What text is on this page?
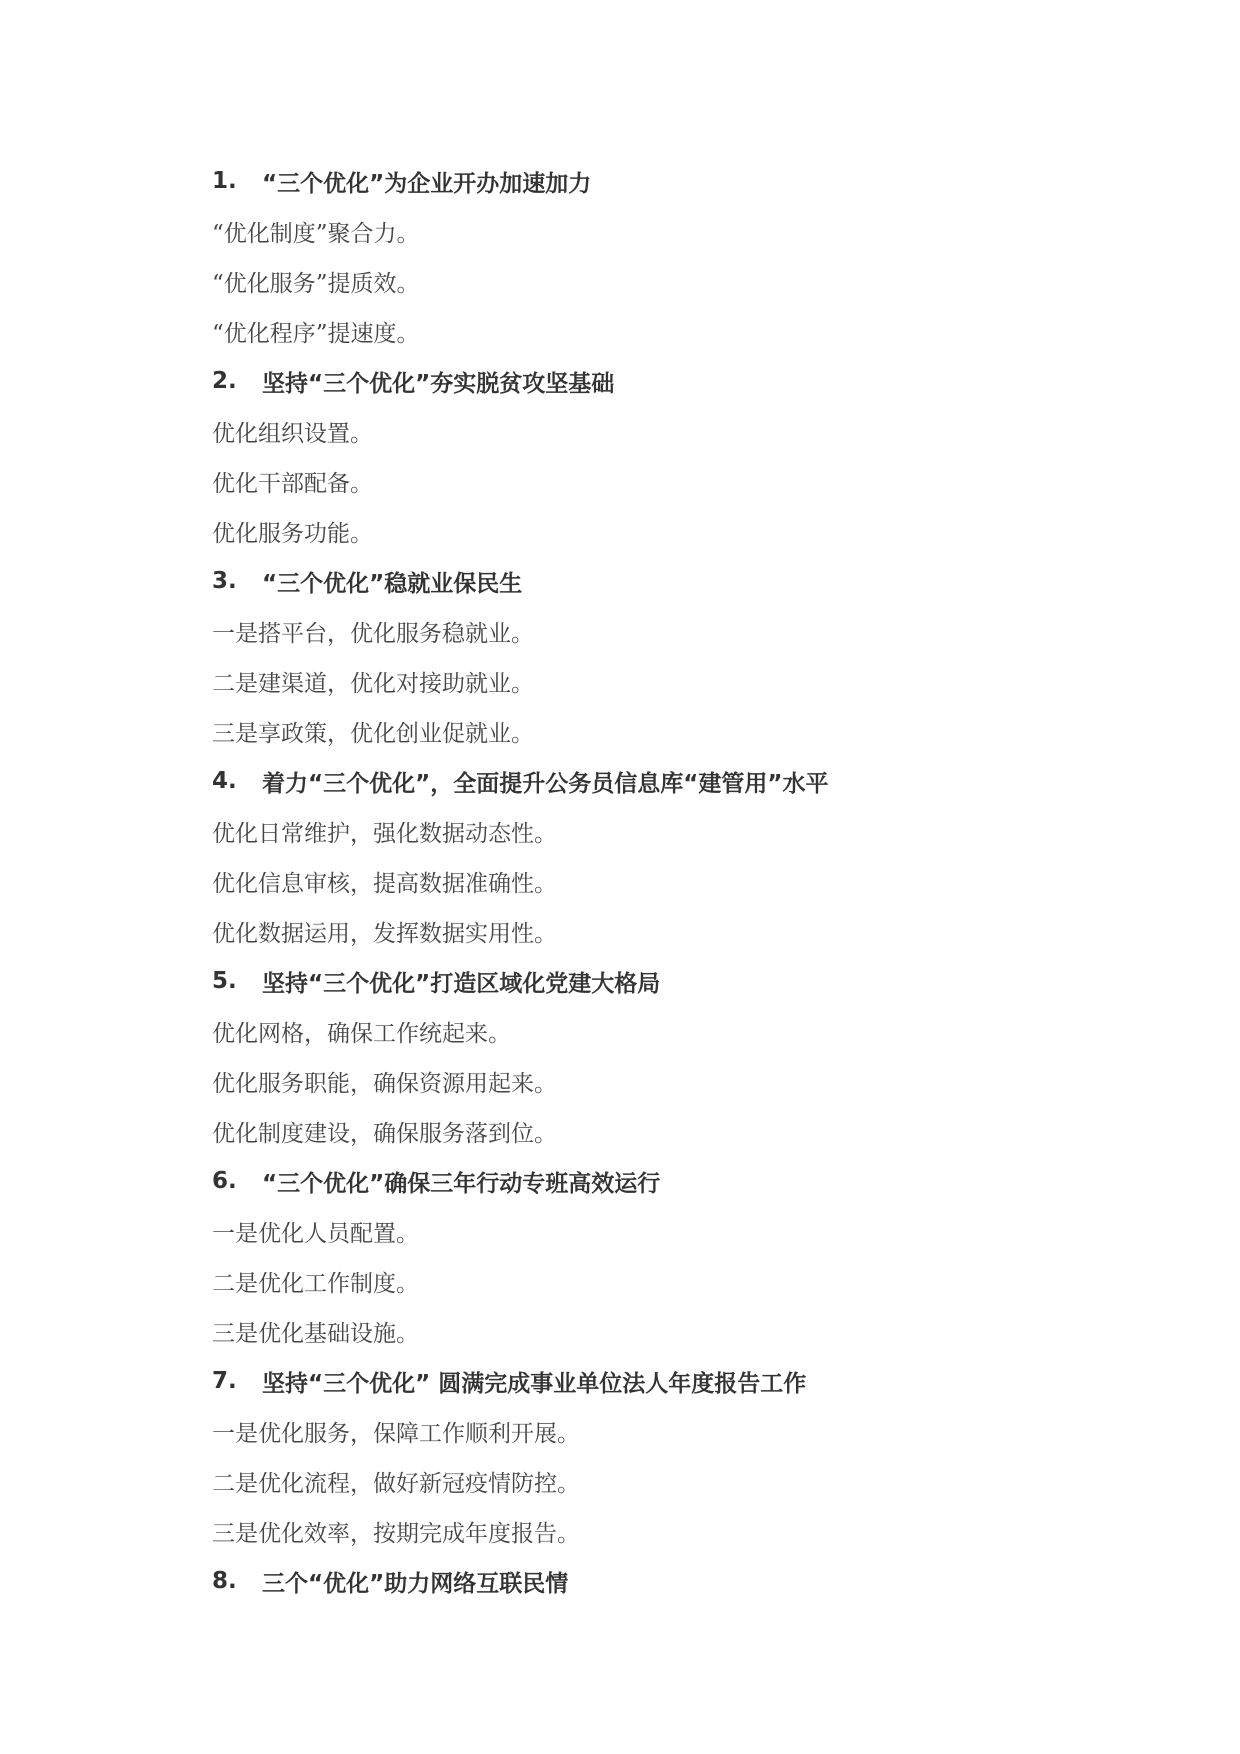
1.	“三个优化”为企业开办加速加力
“优化制度”聚合力。
“优化服务”提质效。
“优化程序”提速度。
2.	坚持“三个优化”夯实脱贫攻坚基础
优化组织设置。
优化干部配备。
优化服务功能。
3.	“三个优化”稳就业保民生
一是搭平台，优化服务稳就业。
二是建渠道，优化对接助就业。
三是享政策，优化创业促就业。
4.	着力“三个优化”，全面提升公务员信息库“建管用”水平
优化日常维护，强化数据动态性。
优化信息审核，提高数据准确性。
优化数据运用，发挥数据实用性。
5.	坚持“三个优化”打造区域化党建大格局
优化网格，确保工作统起来。
优化服务职能，确保资源用起来。
优化制度建设，确保服务落到位。
6.	“三个优化”确保三年行动专班高效运行
一是优化人员配置。
二是优化工作制度。
三是优化基础设施。
7.	坚持“三个优化” 圆满完成事业单位法人年度报告工作
一是优化服务，保障工作顺利开展。
二是优化流程，做好新冠疫情防控。
三是优化效率，按期完成年度报告。
8.	三个“优化”助力网络互联民情
